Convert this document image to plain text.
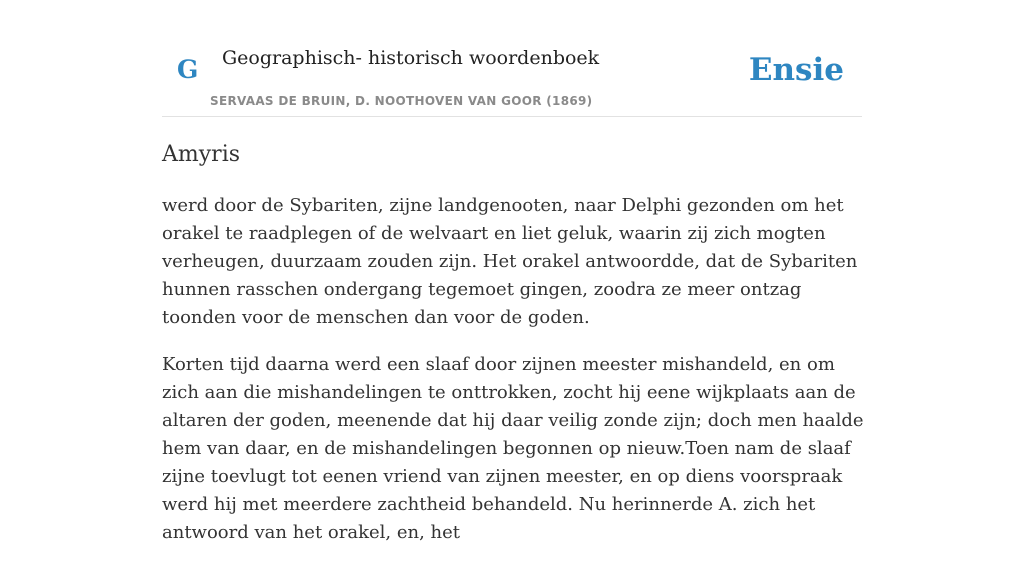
G Geographisch- historisch woordenboek
SERVAAS DE BRUIN, D. NOOTHOVEN VAN GOOR (1869)
Ensie
Amyris

werd door de Sybariten, zijne landgenooten, naar Delphi gezonden om het orakel te raadplegen of de welvaart en liet geluk, waarin zij zich mogten verheugen, duurzaam zouden zijn. Het orakel antwoordde, dat de Sybariten hunnen rasschen ondergang tegemoet gingen, zoodra ze meer ontzag toonden voor de menschen dan voor de goden.

Korten tijd daarna werd een slaaf door zijnen meester mishandeld, en om zich aan die mishandelingen te onttrokken, zocht hij eene wijkplaats aan de altaren der goden, meenende dat hij daar veilig zonde zijn; doch men haalde hem van daar, en de mishandelingen begonnen op nieuw.Toen nam de slaaf zijne toevlugt tot eenen vriend van zijnen meester, en op diens voorspraak werd hij met meerdere zachtheid behandeld. Nu herinnerde A. zich het antwoord van het orakel, en, het
